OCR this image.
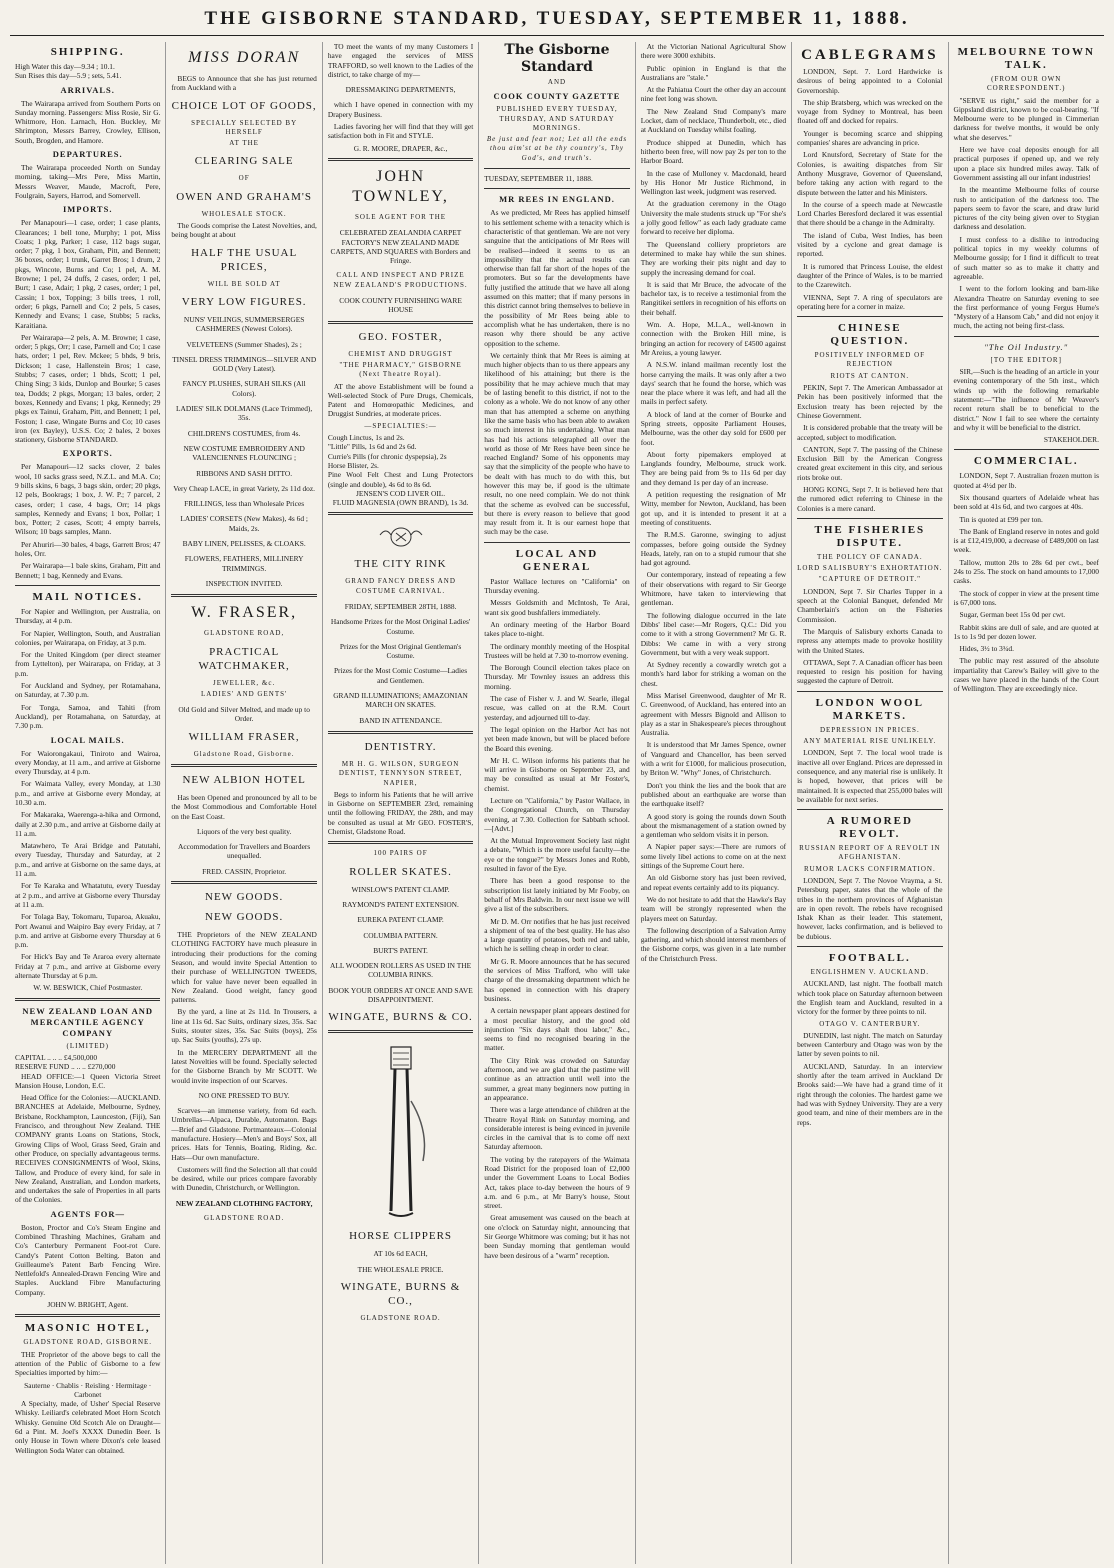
THE GISBORNE STANDARD, TUESDAY, SEPTEMBER 11, 1888.
SHIPPING.
High Water this day—9.34 ; 10.1.
Sun Rises this day—5.9 ; sets, 5.41.
ARRIVALS.

The Wairarapa arrived from Southern Ports on Sunday morning. Passengers: Miss Rosie, Sir G. Whitmore, Hon. Larnach, Hon. Buckley, Mr Shrimpton, Messrs Barrey, Crowley, Ellison, South, Brogden, and Hamore.

DEPARTURES.

The Wairarapa proceeded North on Sunday morning, taking—Mrs Pere, Miss Martin, Messrs Weaver, Maude, Macroft, Pere, Foulgrain, Sayers, Harrod, and Somervell.

IMPORTS.

Per Manapouri—1 case, order; 1 case plants, Clearances; 1 bell tone, Murphy; 1 pot, Miss Coats; 1 pkg, Parker; 1 case, 112 bags sugar, order; 7 pkg, 1 box, Graham, Pitt, and Bennett; 36 boxes, order; 1 trunk, Garret Bros; 1 drum, 2 pkgs, Wincote, Burns and Co; 1 pel, A. M. Browne; 1 pel, 24 duffs, 2 cases, order; 1 pel, Burt; 1 case, Adair; 1 pkg, 2 cases, order; 1 pel, Cassin; 1 box, Topping; 3 bills trees, 1 roll, order; 6 pkgs, Parnell and Co; 2 pels, 5 cases, Kennedy and Evans; 1 case, Stubbs; 5 racks, Karaitiana.

Per Wairarapa—2 pels, A. M. Browne; 1 case, order; 5 pkgs, Orr; 1 case, Parnell and Co; 1 case hats, order; 1 pel, Rev. Mckee; 5 bhds, 9 bris, Dickson; 1 case, Hallenstein Bros; 1 case, Stubbs; 7 cases, order; 1 bhds, Scott; 1 pel, Ching Sing; 3 kids, Dunlop and Bourke; 5 cases tea, Dodds; 2 pkgs, Morgan; 13 bales, order; 2 boxes, Kennedy and Evans; 1 pkg, Kennedy; 29 pkgs ex Tainui, Graham, Pitt, and Bennett; 1 pel, Foston; 1 case, Wingate Burns and Co; 10 cases iron (ex Bayley), U.S.S. Co; 2 bales, 2 boxes stationery, Gisborne STANDARD.

EXPORTS.

Per Manapouri—12 sacks clover, 2 bales wool, 10 sacks grass seed, N.Z.L. and M.A. Co; 9 bills skins, 6 bags, 3 bags skin, order; 20 pkgs, 12 pels, Bookrags; 1 box, J. W. P.; 7 parcel, 2 cases, order; 1 case, 4 bags, Orr; 14 pkgs samples, Kennedy and Evans; 1 box, Pollar; 1 box, Potter; 2 cases, Scott; 4 empty barrels, Wilson; 10 bags samples, Mann.

Per Ahuriri—30 bales, 4 bags, Garrett Bros; 47 holes, Orr.

Per Wairarapa—1 bale skins, Graham, Pitt and Bennett; 1 bag, Kennedy and Evans.

MAIL NOTICES.

For Napier and Wellington, per Australia, on Thursday, at 4 p.m.

For Napier, Wellington, South, and Australian colonies, per Wairarapa, on Friday, at 3 p.m.

For the United Kingdom (per direct steamer from Lyttelton), per Wairarapa, on Friday, at 3 p.m.

For Auckland and Sydney, per Rotamahana, on Saturday, at 7.30 p.m.

For Tonga, Samoa, and Tahiti (from Auckland), per Rotamahana, on Saturday, at 7.30 p.m.

LOCAL MAILS.

For Waiorongakaui, Tiniroto and Wairoa, every Monday, at 11 a.m., and arrive at Gisborne every Thursday, at 4 p.m.

For Waimata Valley, every Monday, at 1.30 p.m., and arrive at Gisborne every Monday, at 10.30 a.m.

For Makaraka, Waerenga-a-hika and Ormond, daily at 2.30 p.m., and arrive at Gisborne daily at 11 a.m.

Matawhero, Te Arai Bridge and Patutahi, every Tuesday, Thursday and Saturday, at 2 p.m., and arrive at Gisborne on the same days, at 11 a.m.

For Te Karaka and Whatatutu, every Tuesday at 2 p.m., and arrive at Gisborne every Thursday at 11 a.m.

For Tolaga Bay, Tokomaru, Tuparoa, Akuaku, Port Awanui and Waipiro Bay every Friday, at 7 p.m. and arrive at Gisborne every Thursday at 6 p.m.

For Hick's Bay and Te Araroa every alternate Friday at 7 p.m., and arrive at Gisborne every alternate Thursday at 6 p.m.

W. W. BESWICK, Chief Postmaster.
NEW ZEALAND LOAN AND MERCANTILE AGENCY COMPANY
(LIMITED)
CAPITAL .. .. .. £4,500,000
RESERVE FUND .. .. .. £270,000

HEAD OFFICE:—1 Queen Victoria Street Mansion House, London, E.C.

Head Office for the Colonies:—AUCKLAND. BRANCHES at Adelaide, Melbourne, Sydney, Brisbane, Rockhampton, Launceston, (Fiji), San Francisco, and throughout New Zealand. THE COMPANY grants Loans on Stations, Stock, Growing Clips of Wool, Grass Seed, Grain and other Produce, on specially advantageous terms. RECEIVES CONSIGNMENTS of Wool, Skins, Tallow, and Produce of every kind, for sale in New Zealand, Australian, and London markets, and undertakes the sale of Properties in all parts of the Colonies.

AGENTS FOR—

Boston, Proctor and Co's Steam Engine and Combined Thrashing Machines, Graham and Co's Canterbury Permanent Foot-rot Cure. Candy's Patent Cotton Belting. Baton and Guilleaume's Patent Barb Fencing Wire. Nettlefold's Annealed-Drawn Fencing Wire and Staples. Auckland Fibre Manufacturing Company.

JOHN W. BRIGHT, Agent.
MASONIC HOTEL,
GLADSTONE ROAD, GISBORNE.

THE Proprietor of the above begs to call the attention of the Public of Gisborne to a few Specialties imported by him:—

Sauterne · Chablis · Reisling · Hermitage · Carbonet

A Specialty, made, of Usher' Special Reserve Whisky. Leiliard's celebrated Moet Horn Scotch Whisky. Genuine Old Scotch Ale on Draught—6d a Pint. M. Joel's XXXX Dunedin Beer. Is only House in Town where Dixon's cele leased Wellington Soda Water can obtained.

MISS DORAN

BEGS to Announce that she has just returned from Auckland with a

CHOICE LOT OF GOODS,
SPECIALLY SELECTED BY HERSELF
AT THE
CLEARING SALE
OF
OWEN AND GRAHAM'S
WHOLESALE STOCK.

The Goods comprise the Latest Novelties, and, being bought at about

HALF THE USUAL PRICES,
WILL BE SOLD AT
VERY LOW FIGURES.
NUNS' VEILINGS, SUMMERSERGES CASHMERES (Newest Colors).
VELVETEENS (Summer Shades), 2s ;
TINSEL DRESS TRIMMINGS—SILVER AND GOLD (Very Latest).
FANCY PLUSHES, SURAH SILKS (All Colors).
LADIES' SILK DOLMANS (Lace Trimmed), 35s.
CHILDREN'S COSTUMES, from 4s.
NEW COSTUME EMBROIDERY AND VALENCIENNES FLOUNCING ;
RIBBONS AND SASH DITTO.
Very Cheap LACE, in great Variety, 2s 11d doz.
FRILLINGS, less than Wholesale Prices
LADIES' CORSETS (New Makes), 4s 6d ; Maids, 2s.
BABY LINEN, PELISSES, & CLOAKS.
FLOWERS, FEATHERS, MILLINERY TRIMMINGS.
INSPECTION INVITED.
W. FRASER,
GLADSTONE ROAD,
PRACTICAL WATCHMAKER,
JEWELLER, &c.
LADIES' AND GENTS'
Old Gold and Silver Melted, and made up to Order.
WILLIAM FRASER,
Gladstone Road, Gisborne.
NEW ALBION HOTEL

Has been Opened and pronounced by all to be the Most Commodious and Comfortable Hotel on the East Coast.

Liquors of the very best quality.
Accommodation for Travellers and Boarders unequalled.
FRED. CASSIN, Proprietor.
NEW GOODS.
NEW GOODS.

THE Proprietors of the NEW ZEALAND CLOTHING FACTORY have much pleasure in introducing their productions for the coming Season, and would invite Special Attention to their purchase of WELLINGTON TWEEDS, which for value have never been equalled in New Zealand. Good weight, fancy good patterns.

By the yard, a line at 2s 11d. In Trousers, a line at 11s 6d. Sac Suits, ordinary sizes, 35s. Sac Suits, stouter sizes, 35s. Sac Suits (boys), 25s up. Sac Suits (youths), 27s up.

In the MERCERY DEPARTMENT all the latest Novelties will be found. Specially selected for the Gisborne Branch by Mr SCOTT. We would invite inspection of our Scarves.

NO ONE PRESSED TO BUY.

Scarves—an immense variety, from 6d each. Umbrellas—Alpaca, Durable, Automaton. Bags—Brief and Gladstone. Portmanteaux—Colonial manufacture. Hosiery—Men's and Boys' Sox, all prices. Hats for Tennis, Boating, Riding, &c. Hats—Our own manufacture.

Customers will find the Selection all that could be desired, while our prices compare favorably with Dunedin, Christchurch, or Wellington.

NEW ZEALAND CLOTHING FACTORY,
GLADSTONE ROAD.

TO meet the wants of my many Customers I have engaged the services of MISS TRAFFORD, so well known to the Ladies of the district, to take charge of my—

DRESSMAKING DEPARTMENTS,

which I have opened in connection with my Drapery Business.

Ladies favoring her will find that they will get satisfaction both in Fit and STYLE.

G. R. MOORE, DRAPER, &c.,
JOHN TOWNLEY,
SOLE AGENT FOR THE
CELEBRATED ZEALANDIA CARPET FACTORY'S NEW ZEALAND MADE CARPETS, AND SQUARES with Borders and Fringe.
CALL AND INSPECT AND PRIZE NEW ZEALAND'S PRODUCTIONS.
COOK COUNTY FURNISHING WARE HOUSE
GEO. FOSTER,
CHEMIST AND DRUGGIST
"THE PHARMACY," GISBORNE (Next Theatre Royal).

AT the above Establishment will be found a Well-selected Stock of Pure Drugs, Chemicals, Patent and Homœopathic Medicines, and Druggist Sundries, at moderate prices.

—SPECIALTIES:—
Cough Linctus, 1s and 2s.
"Little" Pills, 1s 6d and 2s 6d.
Currie's Pills (for chronic dyspepsia), 2s
Horse Blister, 2s.
Pine Wool Felt Chest and Lung Protectors (single and double), 4s 6d to 8s 6d.
JENSEN'S COD LIVER OIL.
FLUID MAGNESIA (OWN BRAND), 1s 3d.
THE CITY RINK
GRAND FANCY DRESS AND COSTUME CARNIVAL.
FRIDAY, SEPTEMBER 28TH, 1888.
Handsome Prizes for the Most Original Ladies' Costume.
Prizes for the Most Original Gentleman's Costume.
Prizes for the Most Comic Costume—Ladies and Gentlemen.
GRAND ILLUMINATIONS; AMAZONIAN MARCH ON SKATES.
BAND IN ATTENDANCE.
DENTISTRY.
MR H. G. WILSON, SURGEON DENTIST, TENNYSON STREET, NAPIER,

Begs to inform his Patients that he will arrive in Gisborne on SEPTEMBER 23rd, remaining until the following FRIDAY, the 28th, and may be consulted as usual at Mr GEO. FOSTER'S, Chemist, Gladstone Road.

100 PAIRS OF
ROLLER SKATES.
WINSLOW'S PATENT CLAMP.
RAYMOND'S PATENT EXTENSION.
EUREKA PATENT CLAMP.
COLUMBIA PATTERN.
BURT'S PATENT.
ALL WOODEN ROLLERS AS USED IN THE COLUMBIA RINKS.
BOOK YOUR ORDERS AT ONCE AND SAVE DISAPPOINTMENT.
WINGATE, BURNS & CO.
HORSE CLIPPERS
AT 10s 6d EACH,
THE WHOLESALE PRICE.
WINGATE, BURNS & CO.,
GLADSTONE ROAD.
The Gisborne Standard
AND
COOK COUNTY GAZETTE
PUBLISHED EVERY TUESDAY, THURSDAY, AND SATURDAY MORNINGS.
Be just and fear not; Let all the ends thou aim'st at be thy country's, Thy God's, and truth's.
TUESDAY, SEPTEMBER 11, 1888.
MR REES IN ENGLAND.

As we predicted, Mr Rees has applied himself to his settlement scheme with a tenacity which is characteristic of that gentleman. We are not very sanguine that the anticipations of Mr Rees will be realised—indeed it seems to us an impossibility that the actual results can otherwise than fall far short of the hopes of the promoters. But so far the developments have fully justified the attitude that we have all along assumed on this matter; that if many persons in this district cannot bring themselves to believe in the possibility of Mr Rees being able to accomplish what he has undertaken, there is no reason why there should be any active opposition to the scheme.

We certainly think that Mr Rees is aiming at much higher objects than to us there appears any likelihood of his attaining; but there is the possibility that he may achieve much that may be of lasting benefit to this district, if not to the colony as a whole. We do not know of any other man that has attempted a scheme on anything like the same basis who has been able to awaken so much interest in his undertaking. What man has had his actions telegraphed all over the world as those of Mr Rees have been since he reached England? Some of his opponents may say that the simplicity of the people who have to be dealt with has much to do with this, but however this may be, if good is the ultimate result, no one need complain. We do not think that the scheme as evolved can be successful, but there is every reason to believe that good may result from it. It is our earnest hope that such may be the case.

LOCAL AND GENERAL

Pastor Wallace lectures on "California" on Thursday evening.

Messrs Goldsmith and McIntosh, Te Arai, want six good bushfallers immediately.

An ordinary meeting of the Harbor Board takes place to-night.

The ordinary monthly meeting of the Hospital Trustees will be held at 7.30 to-morrow evening.

The Borough Council election takes place on Thursday. Mr Townley issues an address this morning.

The case of Fisher v. J. and W. Searle, illegal rescue, was called on at the R.M. Court yesterday, and adjourned till to-day.

The legal opinion on the Harbor Act has not yet been made known, but will be placed before the Board this evening.

Mr H. C. Wilson informs his patients that he will arrive in Gisborne on September 23, and may be consulted as usual at Mr Foster's, chemist.

Lecture on "California," by Pastor Wallace, in the Congregational Church, on Thursday evening, at 7.30. Collection for Sabbath school.—[Advt.]

At the Mutual Improvement Society last night a debate, "Which is the more useful faculty—the eye or the tongue?" by Messrs Jones and Robb, resulted in favor of the Eye.

There has been a good response to the subscription list lately initiated by Mr Fooby, on behalf of Mrs Baldwin. In our next issue we will give a list of the subscribers.

Mr D. M. Orr notifies that he has just received a shipment of tea of the best quality. He has also a large quantity of potatoes, both red and table, which he is selling cheap in order to clear.

Mr G. R. Moore announces that he has secured the services of Miss Trafford, who will take charge of the dressmaking department which he has opened in connection with his drapery business.

A certain newspaper plant appears destined for a most peculiar history, and the good old injunction "Six days shalt thou labor," &c., seems to find no recognised bearing in the matter.

The City Rink was crowded on Saturday afternoon, and we are glad that the pastime will continue as an attraction until well into the summer, a great many beginners now putting in an appearance.

There was a large attendance of children at the Theatre Royal Rink on Saturday morning, and considerable interest is being evinced in juvenile circles in the carnival that is to come off next Saturday afternoon.

The voting by the ratepayers of the Waimata Road District for the proposed loan of £2,000 under the Government Loans to Local Bodies Act, takes place to-day between the hours of 9 a.m. and 6 p.m., at Mr Barry's house, Stout street.

Great amusement was caused on the beach at one o'clock on Saturday night, announcing that Sir George Whitmore was coming; but it has not been Sunday morning that gentleman would have been desirous of a "warm" reception.

At the Victorian National Agricultural Show there were 3000 exhibits.

Public opinion in England is that the Australians are "stale."

At the Pahiatua Court the other day an account nine feet long was shown.

The New Zealand Stud Company's mare Locket, dam of necklace, Thunderbolt, etc., died at Auckland on Tuesday whilst foaling.

Produce shipped at Dunedin, which has hitherto been free, will now pay 2s per ton to the Harbor Board.

In the case of Mulloney v. Macdonald, heard by His Honor Mr Justice Richmond, in Wellington last week, judgment was reserved.

At the graduation ceremony in the Otago University the male students struck up "For she's a jolly good fellow" as each lady graduate came forward to receive her diploma.

The Queensland colliery proprietors are determined to make hay while the sun shines. They are working their pits night and day to supply the increasing demand for coal.

It is said that Mr Bruce, the advocate of the bachelor tax, is to receive a testimonial from the Rangitikei settlers in recognition of his efforts on their behalf.

Wm. A. Hope, M.L.A., well-known in connection with the Broken Hill mine, is bringing an action for recovery of £4500 against Mr Areius, a young lawyer.

A N.S.W. inland mailman recently lost the horse carrying the mails. It was only after a two days' search that he found the horse, which was near the place where it was left, and had all the mails in perfect safety.

A block of land at the corner of Bourke and Spring streets, opposite Parliament Houses, Melbourne, was the other day sold for £600 per foot.

About forty pipemakers employed at Langlands foundry, Melbourne, struck work. They are being paid from 9s to 11s 6d per day and they demand 1s per day of an increase.

A petition requesting the resignation of Mr Witty, member for Newton, Auckland, has been got up, and it is intended to present it at a meeting of constituents.

The R.M.S. Garonne, swinging to adjust compasses, before going outside the Sydney Heads, lately, ran on to a stupid rumour that she had got aground.

Our contemporary, instead of repeating a few of their observations with regard to Sir George Whitmore, have taken to interviewing that gentleman.

The following dialogue occurred in the late Dibbs' libel case:—Mr Rogers, Q.C.: Did you come to it with a strong Government? Mr G. R. Dibbs: We came in with a very strong Government, but with a very weak support.

At Sydney recently a cowardly wretch got a month's hard labor for striking a woman on the chest.

Miss Marisel Greenwood, daughter of Mr R. C. Greenwood, of Auckland, has entered into an agreement with Messrs Bignold and Allison to play as a star in Shakespeare's pieces throughout Australia.

It is understood that Mr James Spence, owner of Vanguard and Chancellor, has been served with a writ for £1000, for malicious prosecution, by Briton W. "Why" Jones, of Christchurch.

Don't you think the lies and the book that are published about an earthquake are worse than the earthquake itself?

A good story is going the rounds down South about the mismanagement of a station owned by a gentleman who seldom visits it in person.

A Napier paper says:—There are rumors of some lively libel actions to come on at the next sittings of the Supreme Court here.

An old Gisborne story has just been revived, and repeat events certainly add to its piquancy.

We do not hesitate to add that the Hawke's Bay team will be strongly represented when the players meet on Saturday.

The following description of a Salvation Army gathering, and which should interest members of the Gisborne corps, was given in a late number of the Christchurch Press.

CABLEGRAMS

LONDON, Sept. 7. Lord Hardwicke is desirous of being appointed to a Colonial Governorship.

The ship Bratsberg, which was wrecked on the voyage from Sydney to Montreal, has been floated off and docked for repairs.

Younger is becoming scarce and shipping companies' shares are advancing in price.

Lord Knutsford, Secretary of State for the Colonies, is awaiting dispatches from Sir Anthony Musgrave, Governor of Queensland, before taking any action with regard to the dispute between the latter and his Ministers.

In the course of a speech made at Newcastle Lord Charles Beresford declared it was essential that there should be a change in the Admiralty.

The island of Cuba, West Indies, has been visited by a cyclone and great damage is reported.

It is rumored that Princess Louise, the eldest daughter of the Prince of Wales, is to be married to the Czarewitch.

VIENNA, Sept 7. A ring of speculators are operating here for a corner in maize.

CHINESE QUESTION.
POSITIVELY INFORMED OF REJECTION
RIOTS AT CANTON.

PEKIN, Sept 7. The American Ambassador at Pekin has been positively informed that the Exclusion treaty has been rejected by the Chinese Government.

It is considered probable that the treaty will be accepted, subject to modification.

CANTON, Sept 7. The passing of the Chinese Exclusion Bill by the American Congress created great excitement in this city, and serious riots broke out.

HONG KONG, Sept 7. It is believed here that the rumored edict referring to Chinese in the Colonies is a mere canard.

THE FISHERIES DISPUTE.
THE POLICY OF CANADA.
LORD SALISBURY'S EXHORTATION.
"CAPTURE OF DETROIT."

LONDON, Sept 7. Sir Charles Tupper in a speech at the Colonial Banquet, defended Mr Chamberlain's action on the Fisheries Commission.

The Marquis of Salisbury exhorts Canada to repress any attempts made to provoke hostility with the United States.

OTTAWA, Sept 7. A Canadian officer has been requested to resign his position for having suggested the capture of Detroit.

LONDON WOOL MARKETS.
DEPRESSION IN PRICES.
ANY MATERIAL RISE UNLIKELY.

LONDON, Sept 7. The local wool trade is inactive all over England. Prices are depressed in consequence, and any material rise is unlikely. It is hoped, however, that prices will be maintained. It is expected that 255,000 bales will be available for next series.

A RUMORED REVOLT.
RUSSIAN REPORT OF A REVOLT IN AFGHANISTAN.
RUMOR LACKS CONFIRMATION.

LONDON, Sept 7. The Novoe Vrayma, a St. Petersburg paper, states that the whole of the tribes in the northern provinces of Afghanistan are in open revolt. The rebels have recognised Ishak Khan as their leader. This statement, however, lacks confirmation, and is believed to be dubious.

FOOTBALL.
ENGLISHMEN V. AUCKLAND.

AUCKLAND, last night. The football match which took place on Saturday afternoon between the English team and Auckland, resulted in a victory for the former by three points to nil.

OTAGO V. CANTERBURY.

DUNEDIN, last night. The match on Saturday between Canterbury and Otago was won by the latter by seven points to nil.

AUCKLAND, Saturday. In an interview shortly after the team arrived in Auckland Dr Brooks said:—We have had a grand time of it right through the colonies. The hardest game we had was with Sydney University. They are a very good team, and nine of their members are in the reps.

MELBOURNE TOWN TALK.
(FROM OUR OWN CORRESPONDENT.)

"SERVE us right," said the member for a Gippsland district, known to be coal-bearing. "If Melbourne were to be plunged in Cimmerian darkness for twelve months, it would be only what she deserves."

Here we have coal deposits enough for all practical purposes if opened up, and we rely upon a place six hundred miles away. Talk of Government assisting all our infant industries!

In the meantime Melbourne folks of course rush to anticipation of the darkness too. The papers seem to favor the scare, and draw lurid pictures of the city being given over to Stygian darkness and desolation.

I must confess to a dislike to introducing political topics in my weekly columns of Melbourne gossip; for I find it difficult to treat of such matter so as to make it chatty and agreeable.

I went to the forlorn looking and barn-like Alexandra Theatre on Saturday evening to see the first performance of young Fergus Hume's "Mystery of a Hansom Cab," and did not enjoy it much, the acting not being first-class.

"The Oil Industry."
[TO THE EDITOR]

SIR,—Such is the heading of an article in your evening contemporary of the 5th inst., which winds up with the following remarkable statement:—"The influence of Mr Weaver's recent return shall be to beneficial to the district." Now I fail to see where the certainty and why it will be beneficial to the district.

STAKEHOLDER.
COMMERCIAL.

LONDON, Sept 7. Australian frozen mutton is quoted at 4½d per lb.

Six thousand quarters of Adelaide wheat has been sold at 41s 6d, and two cargoes at 40s.

Tin is quoted at £99 per ton.

The Bank of England reserve in notes and gold is at £12,419,000, a decrease of £489,000 on last week.

Tallow, mutton 20s to 28s 6d per cwt., beef 24s to 25s. The stock on hand amounts to 17,000 casks.

The stock of copper in view at the present time is 67,000 tons.

Sugar, German beet 15s 0d per cwt.

Rabbit skins are dull of sale, and are quoted at 1s to 1s 9d per dozen lower.

Hides, 3½ to 3¾d.

The public may rest assured of the absolute impartiality that Carew's Bailey will give to the cases we have placed in the hands of the Court of Wellington. They are exceedingly nice.
